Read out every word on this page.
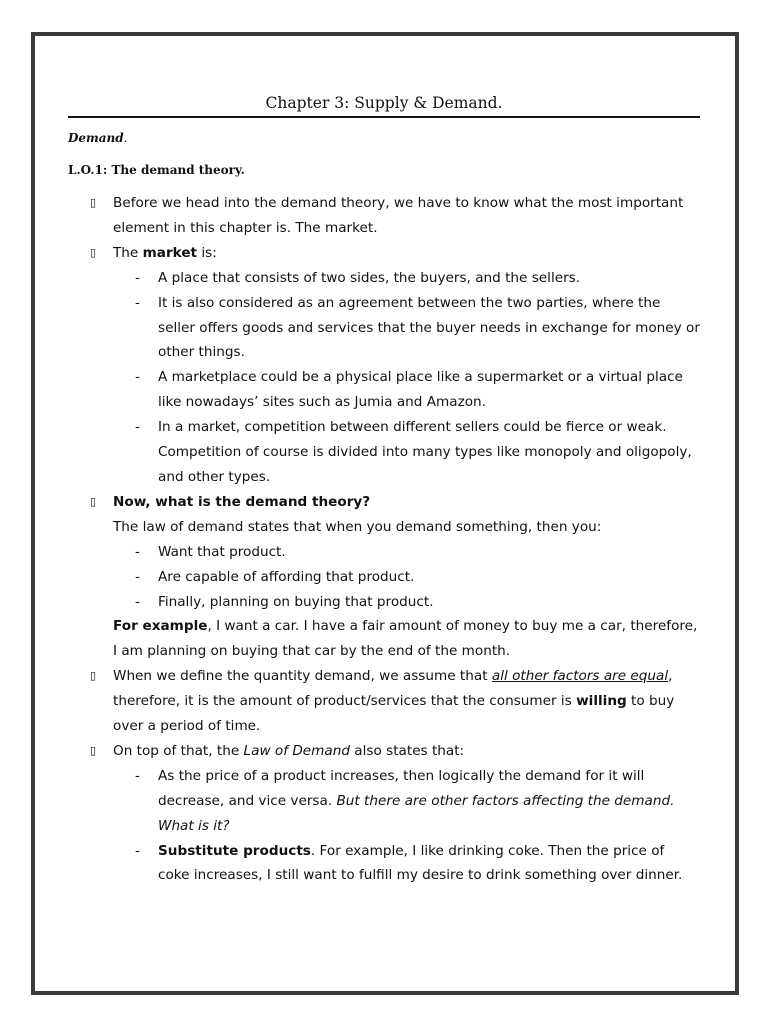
Chapter 3: Supply & Demand.
Demand.
L.O.1: The demand theory.
▯ Before we head into the demand theory, we have to know what the most important element in this chapter is. The market.
▯ The market is:
- A place that consists of two sides, the buyers, and the sellers.
- It is also considered as an agreement between the two parties, where the seller offers goods and services that the buyer needs in exchange for money or other things.
- A marketplace could be a physical place like a supermarket or a virtual place like nowadays’ sites such as Jumia and Amazon.
- In a market, competition between different sellers could be fierce or weak. Competition of course is divided into many types like monopoly and oligopoly, and other types.
▯ Now, what is the demand theory?
The law of demand states that when you demand something, then you:
- Want that product.
- Are capable of affording that product.
- Finally, planning on buying that product.
For example, I want a car. I have a fair amount of money to buy me a car, therefore, I am planning on buying that car by the end of the month.
▯ When we define the quantity demand, we assume that all other factors are equal, therefore, it is the amount of product/services that the consumer is willing to buy over a period of time.
▯ On top of that, the Law of Demand also states that:
- As the price of a product increases, then logically the demand for it will decrease, and vice versa. But there are other factors affecting the demand. What is it?
- Substitute products. For example, I like drinking coke. Then the price of coke increases, I still want to fulfill my desire to drink something over dinner.
